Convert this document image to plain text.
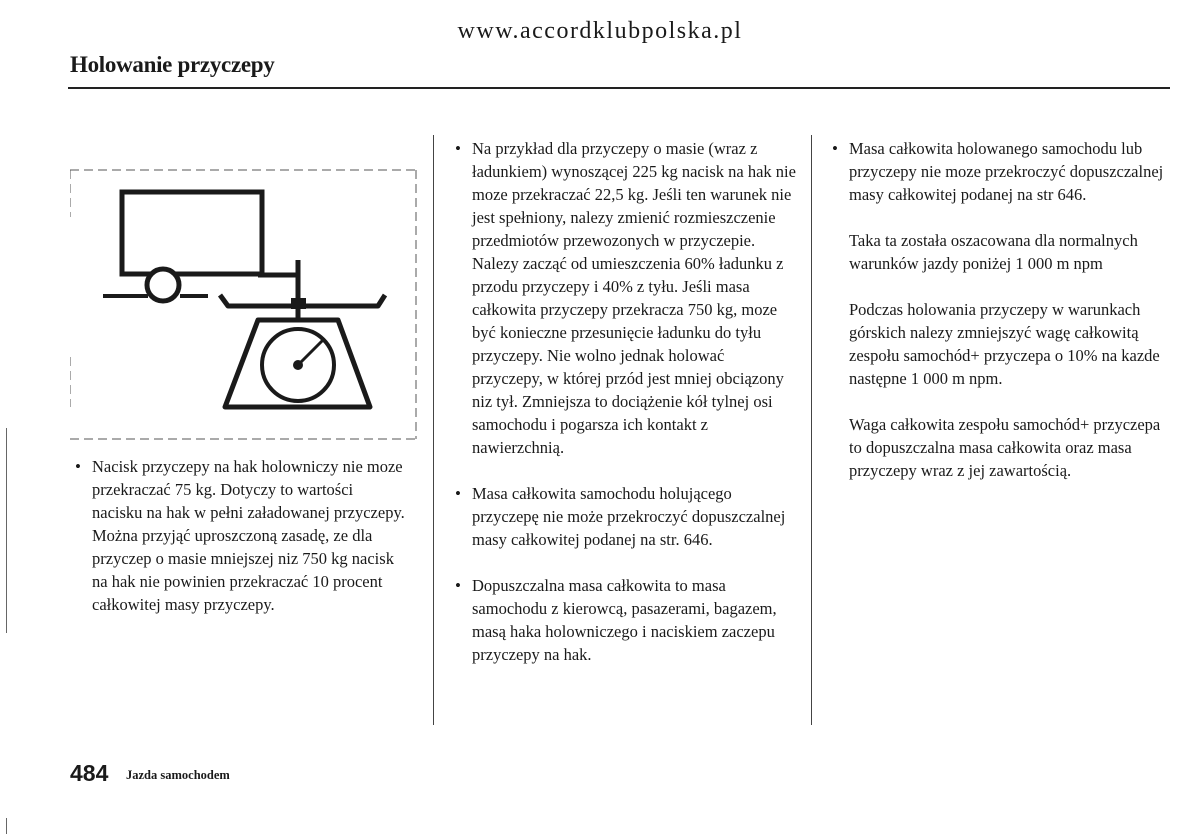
www.accordklubpolska.pl
Holowanie przyczepy
• Nacisk przyczepy na hak holowniczy nie moze przekraczać 75 kg. Dotyczy to wartości nacisku na hak w pełni załadowanej przyczepy. Można przyjąć uproszczoną zasadę, ze dla przyczep o masie mniejszej niz 750 kg nacisk na hak nie powinien przekraczać 10 procent całkowitej masy przyczepy.
• Na przykład dla przyczepy o masie (wraz z ładunkiem) wynoszącej 225 kg nacisk na hak nie moze przekraczać 22,5 kg. Jeśli ten warunek nie jest spełniony, nalezy zmienić rozmieszczenie przedmiotów przewozonych w przyczepie. Nalezy zacząć od umieszczenia 60% ładunku z przodu przyczepy i 40% z tyłu. Jeśli masa całkowita przyczepy przekracza 750 kg, moze być konieczne przesunięcie ładunku do tyłu przyczepy. Nie wolno jednak holować przyczepy, w której przód jest mniej obciązony niz tył. Zmniejsza to dociążenie kół tylnej osi samochodu i pogarsza ich kontakt z nawierzchnią.
• Masa całkowita samochodu holującego przyczepę nie może przekroczyć dopuszczalnej masy całkowitej podanej na str. 646.
• Dopuszczalna masa całkowita to masa samochodu z kierowcą, pasazerami, bagazem, masą haka holowniczego i naciskiem zaczepu przyczepy na hak.
• Masa całkowita holowanego samochodu lub przyczepy nie moze przekroczyć dopuszczalnej masy całkowitej podanej na str 646.

Taka ta została oszacowana dla normalnych warunków jazdy poniżej 1 000 m npm

Podczas holowania przyczepy w warunkach górskich nalezy zmniejszyć wagę całkowitą zespołu samochód+ przyczepa o 10% na kazde następne 1 000 m npm.

Waga całkowita zespołu samochód+ przyczepa to dopuszczalna masa całkowita oraz masa przyczepy wraz z jej zawartością.

484 Jazda samochodem
